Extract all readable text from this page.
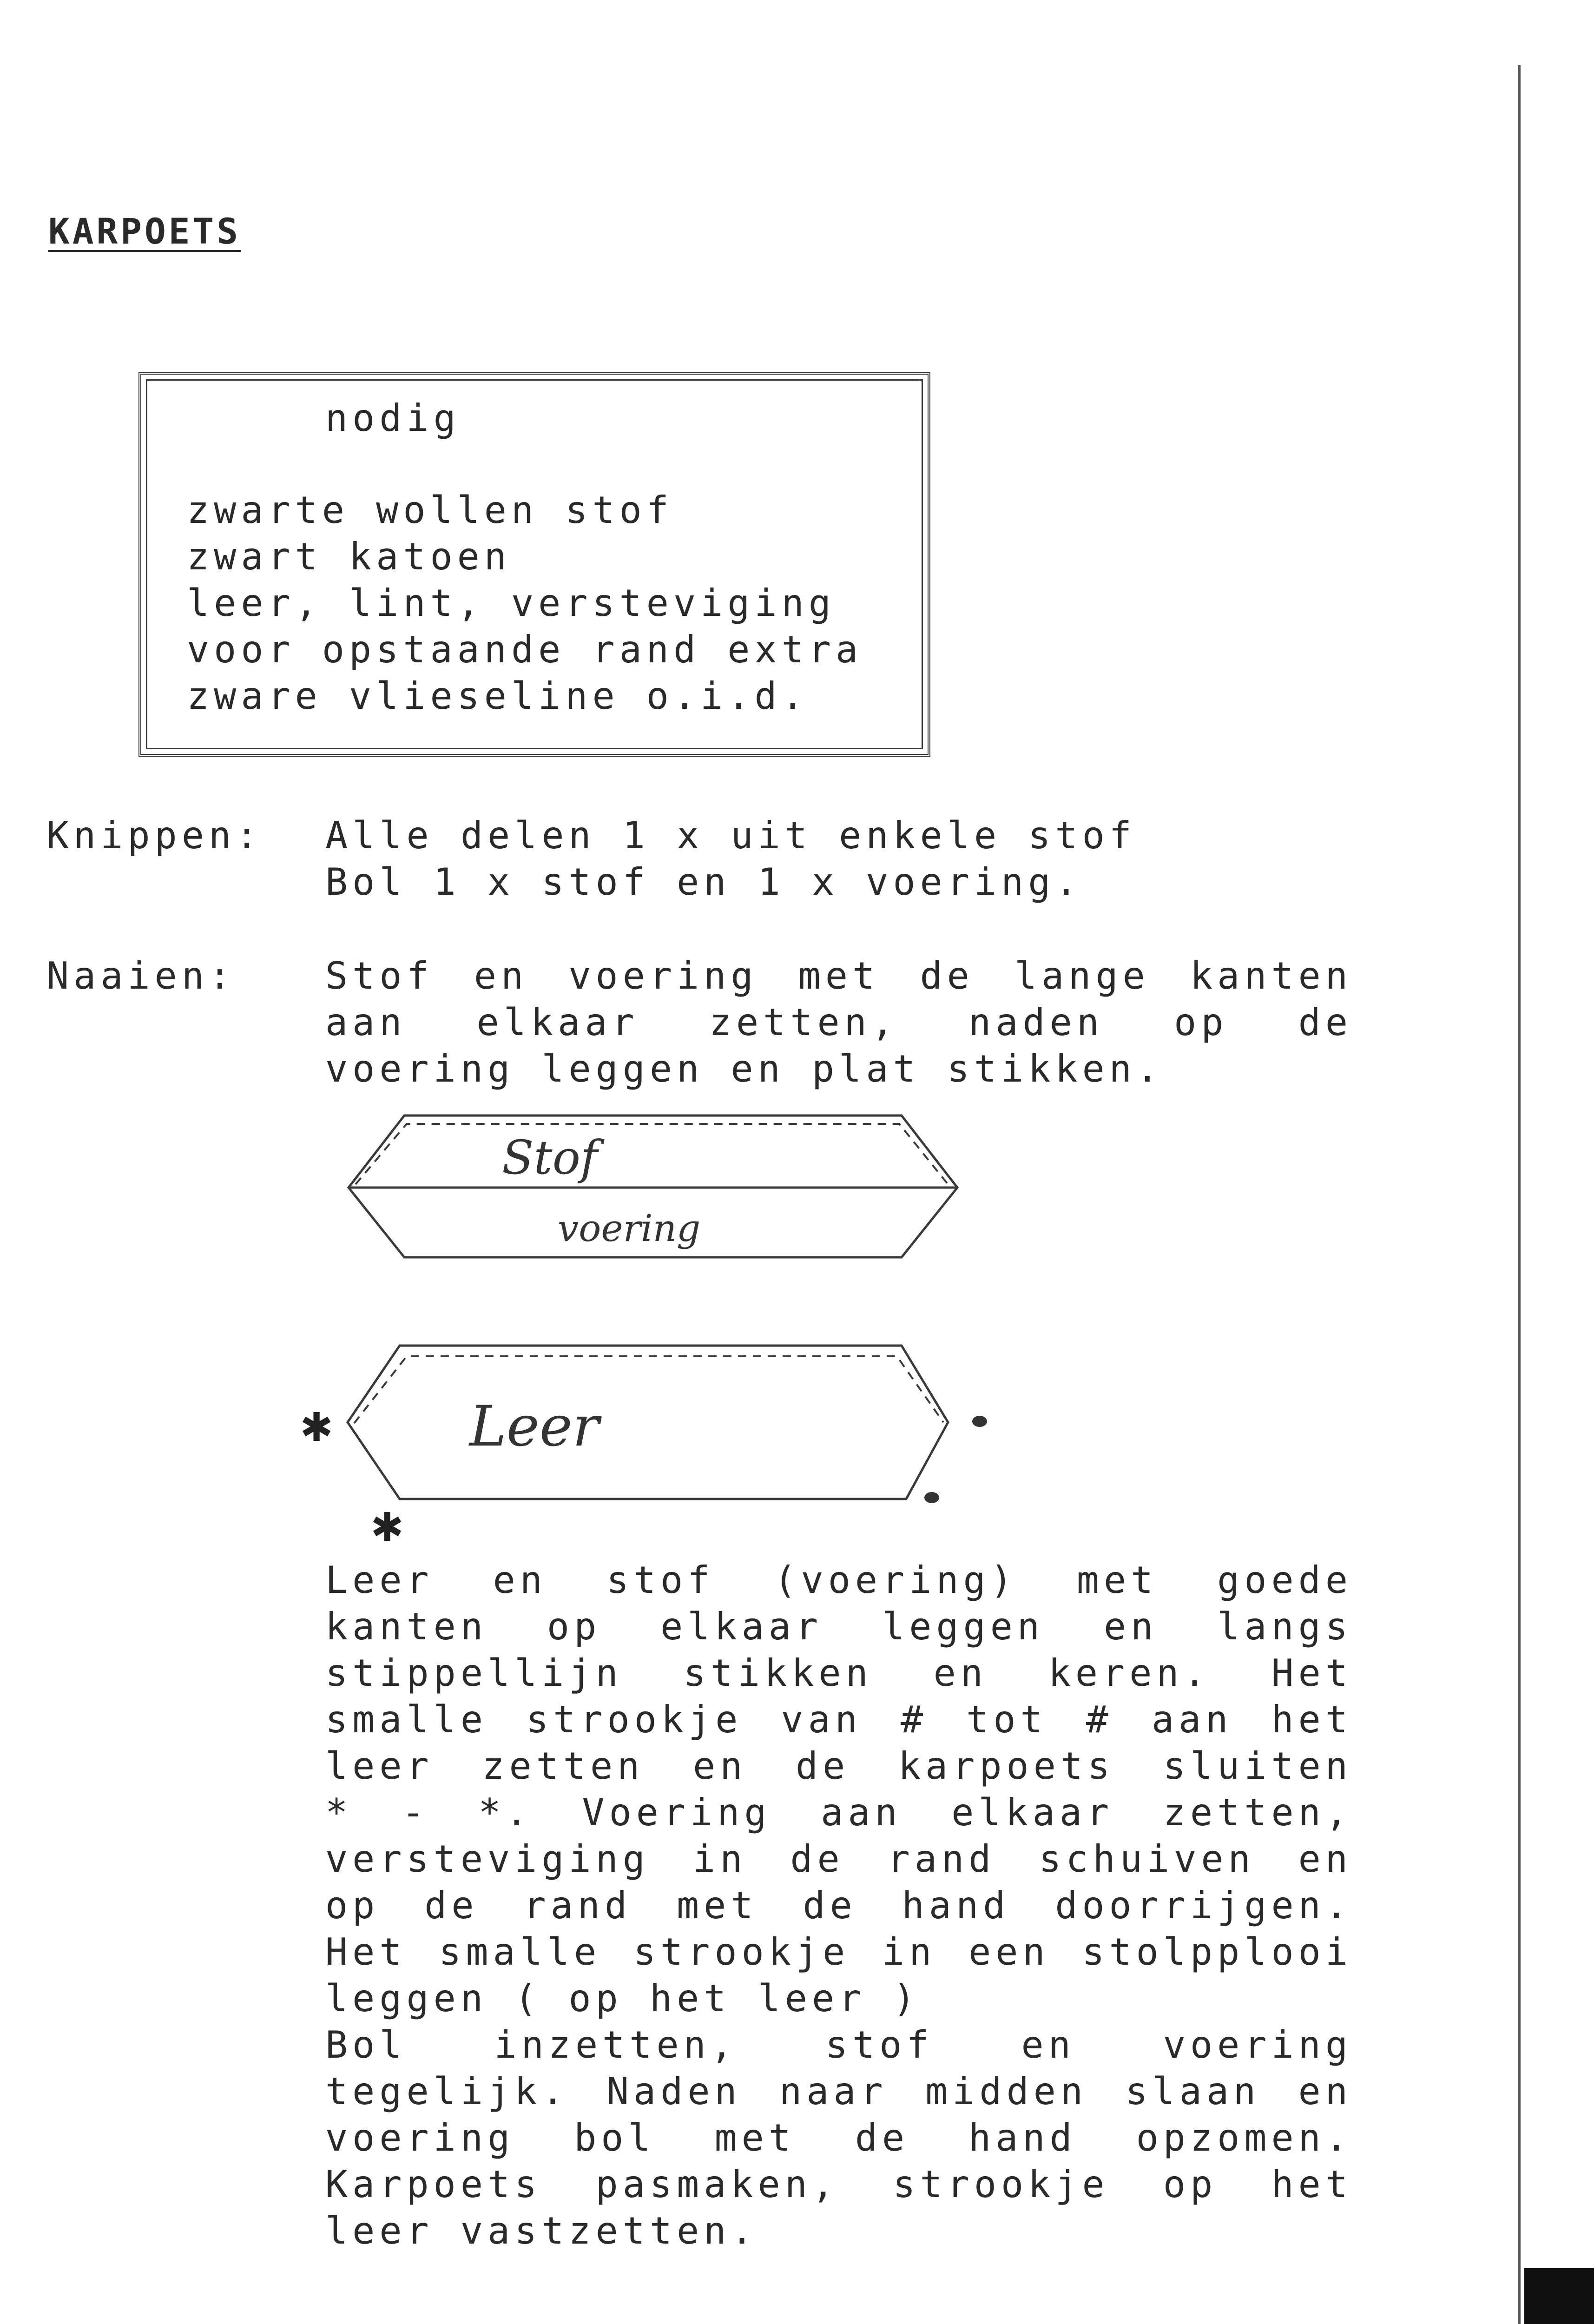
KARPOETS

nodig

zwarte wollen stof

zwart katoen

leer, lint, versteviging

voor opstaande rand extra

zware vlieseline o.i.d.

Knippen: Alle delen 1 x uit enkele stof

Bol 1 x stof en 1 x voering.

Naaien: Stof en voering met de lange kanten

aan elkaar zetten, naden op de

voering leggen en plat stikken.

Stof
voering
Leer
✱
✱

Leer en stof (voering) met goede

kanten op elkaar leggen en langs

stippellijn stikken en keren. Het

smalle strookje van # tot # aan het

leer zetten en de karpoets sluiten

* - *. Voering aan elkaar zetten,

versteviging in de rand schuiven en

op de rand met de hand doorrijgen.

Het smalle strookje in een stolpplooi

leggen ( op het leer )

Bol inzetten, stof en voering

tegelijk. Naden naar midden slaan en

voering bol met de hand opzomen.

Karpoets pasmaken, strookje op het

leer vastzetten.
